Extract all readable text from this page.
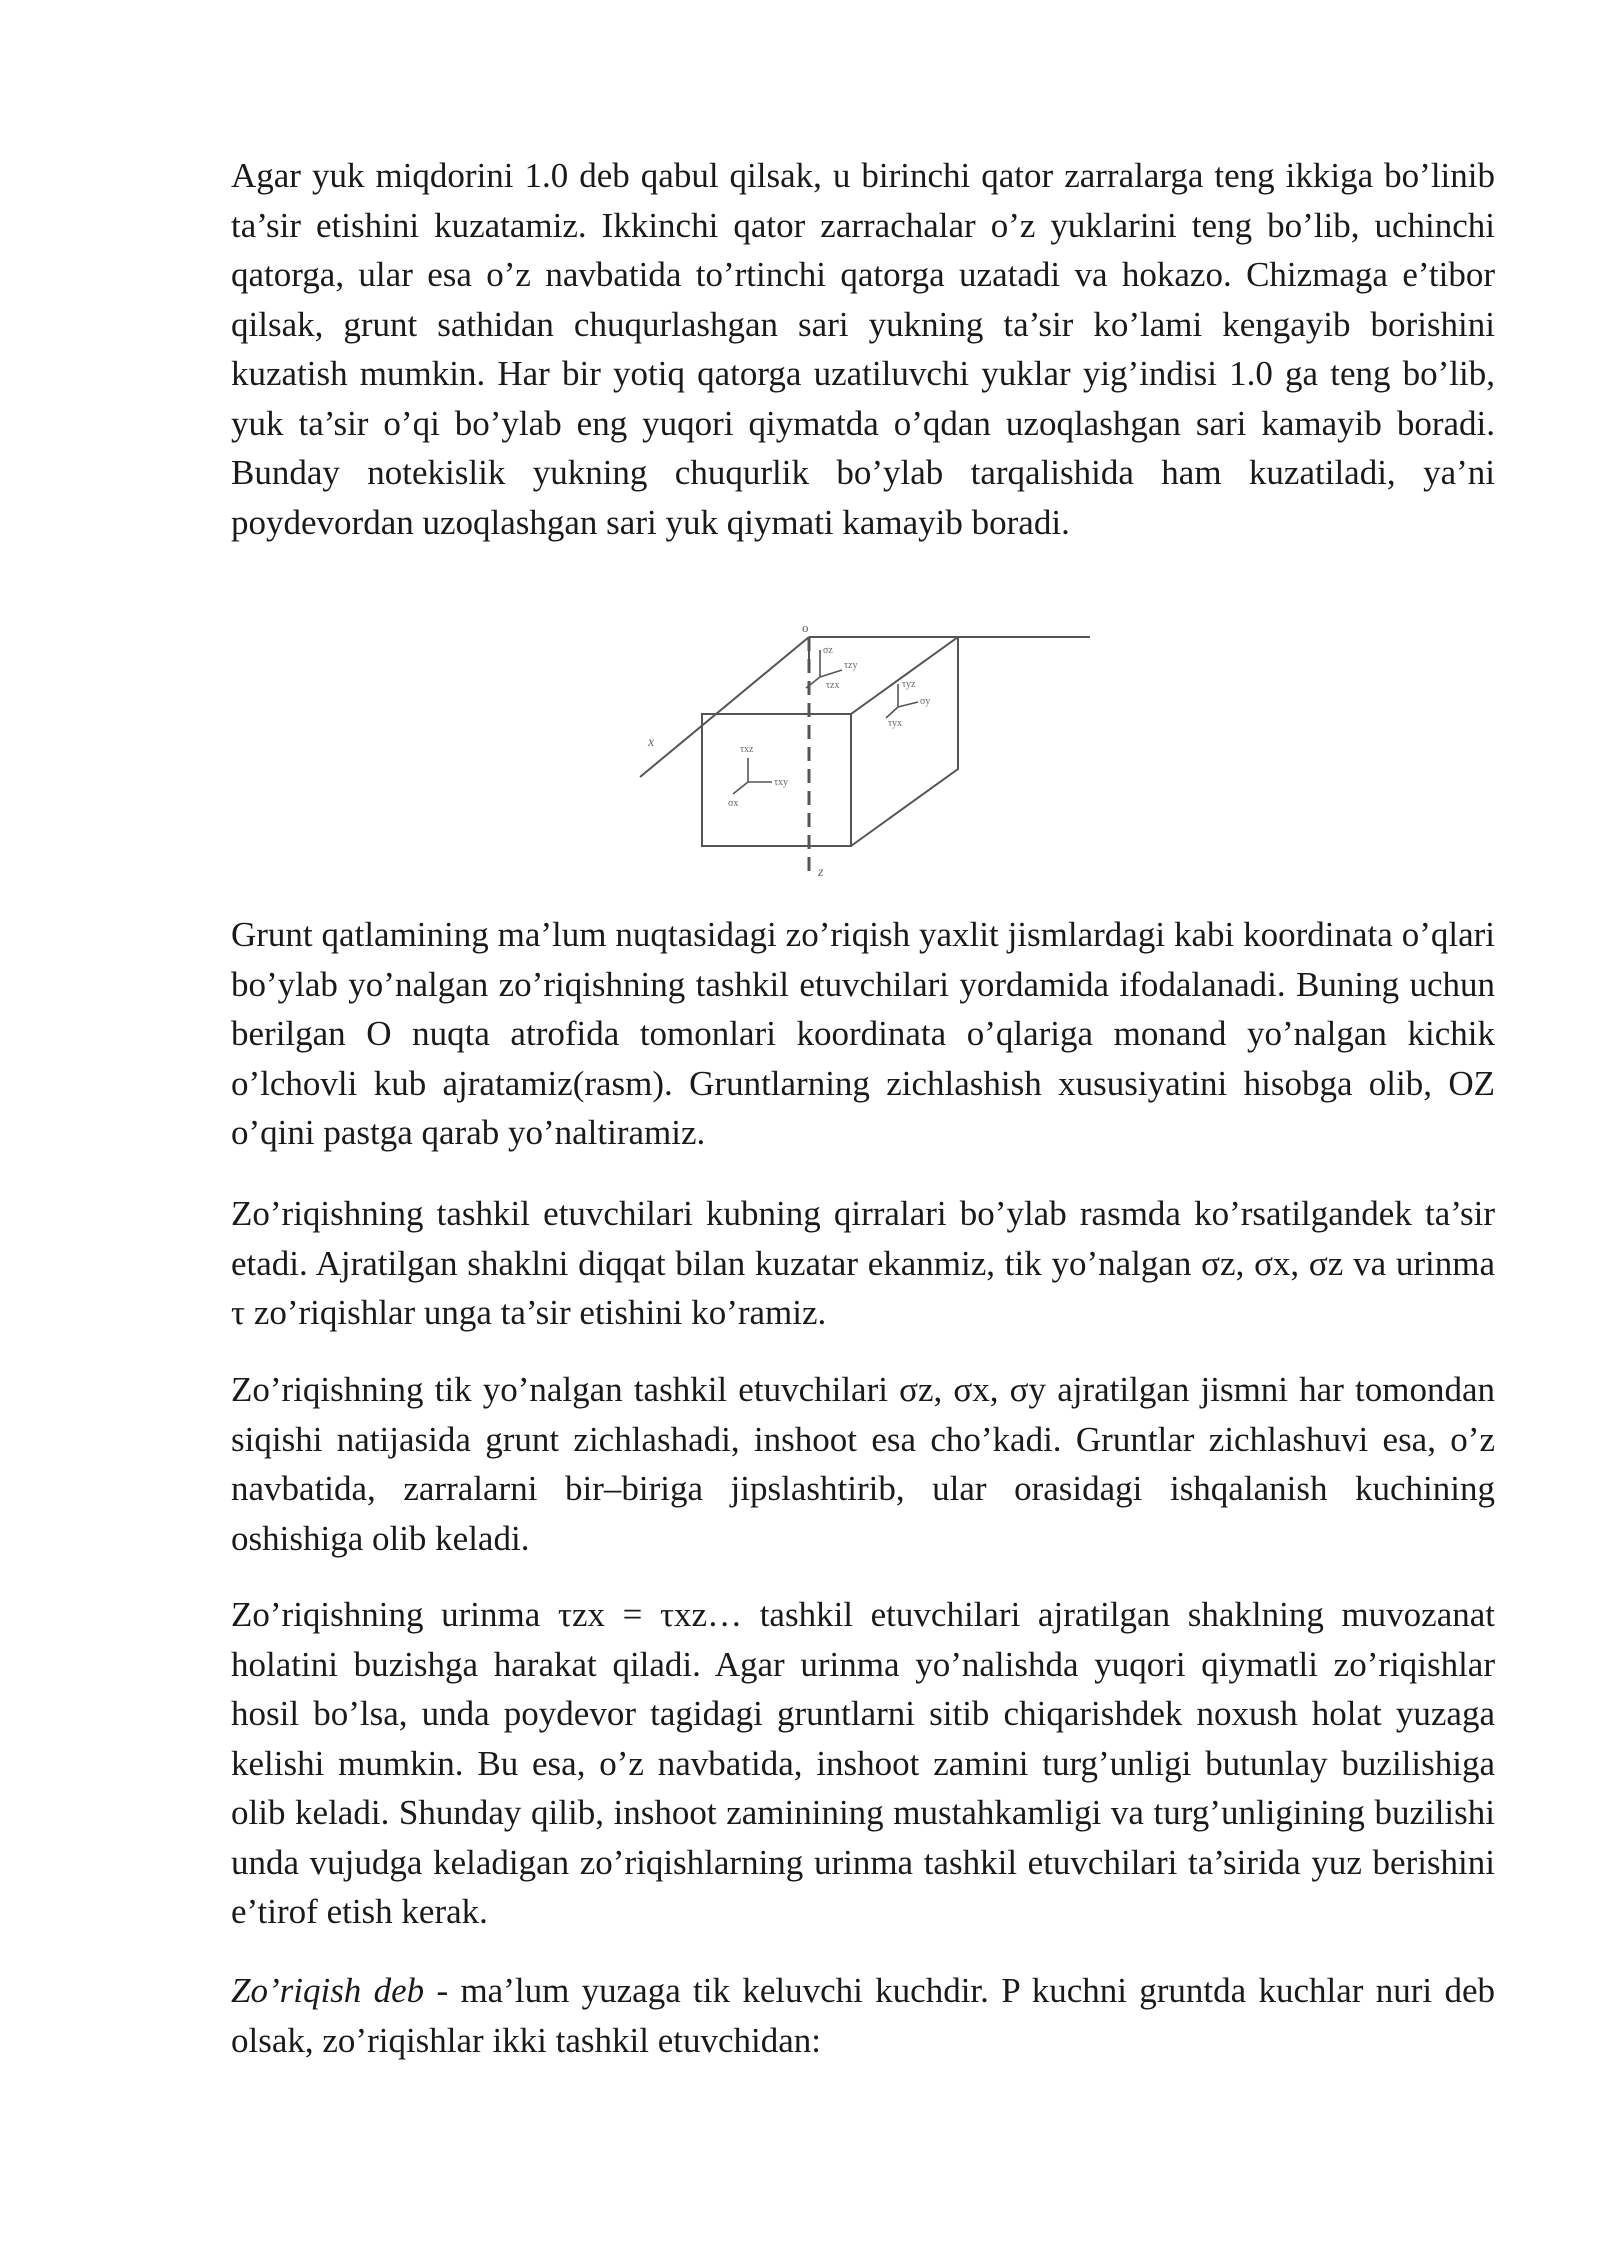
Agar yuk miqdorini 1.0 deb qabul qilsak, u birinchi qator zarralarga teng ikkiga bo’linib ta’sir etishini kuzatamiz. Ikkinchi qator zarrachalar o’z yuklarini teng bo’lib, uchinchi qatorga, ular esa o’z navbatida to’rtinchi qatorga uzatadi va hokazo. Chizmaga e’tibor qilsak, grunt sathidan chuqurlashgan sari yukning ta’sir ko’lami kengayib borishini kuzatish mumkin. Har bir yotiq qatorga uzatiluvchi yuklar yig’indisi 1.0 ga teng bo’lib, yuk ta’sir o’qi bo’ylab eng yuqori qiymatda o’qdan uzoqlashgan sari kamayib boradi. Bunday notekislik yukning chuqurlik bo’ylab tarqalishida ham kuzatiladi, ya’ni poydevordan uzoqlashgan sari yuk qiymati kamayib boradi.

o
x
z
σz
τzy
τzx	τyz
σy
τyx
τxz
τxy
σx

Grunt qatlamining ma’lum nuqtasidagi zo’riqish yaxlit jismlardagi kabi koordinata o’qlari bo’ylab yo’nalgan zo’riqishning tashkil etuvchilari yordamida ifodalanadi. Buning uchun berilgan O nuqta atrofida tomonlari koordinata o’qlariga monand yo’nalgan kichik o’lchovli kub ajratamiz(rasm). Gruntlarning zichlashish xususiyatini hisobga olib, OZ o’qini pastga qarab yo’naltiramiz.

Zo’riqishning tashkil etuvchilari kubning qirralari bo’ylab rasmda ko’rsatilgandek ta’sir etadi. Ajratilgan shaklni diqqat bilan kuzatar ekanmiz, tik yo’nalgan σz, σx, σz va urinma τ zo’riqishlar unga ta’sir etishini ko’ramiz.

Zo’riqishning tik yo’nalgan tashkil etuvchilari σz, σx, σy ajratilgan jismni har tomondan siqishi natijasida grunt zichlashadi, inshoot esa cho’kadi. Gruntlar zichlashuvi esa, o’z navbatida, zarralarni bir–biriga jipslashtirib, ular orasidagi ishqalanish kuchining oshishiga olib keladi.

Zo’riqishning urinma τzx = τxz… tashkil etuvchilari ajratilgan shaklning muvozanat holatini buzishga harakat qiladi. Agar urinma yo’nalishda yuqori qiymatli zo’riqishlar hosil bo’lsa, unda poydevor tagidagi gruntlarni sitib chiqarishdek noxush holat yuzaga kelishi mumkin. Bu esa, o’z navbatida, inshoot zamini turg’unligi butunlay buzilishiga olib keladi. Shunday qilib, inshoot zaminining mustahkamligi va turg’unligining buzilishi unda vujudga keladigan zo’riqishlarning urinma tashkil etuvchilari ta’sirida yuz berishini e’tirof etish kerak.

Zo’riqish deb - ma’lum yuzaga tik keluvchi kuchdir. P kuchni gruntda kuchlar nuri deb olsak, zo’riqishlar ikki tashkil etuvchidan:
